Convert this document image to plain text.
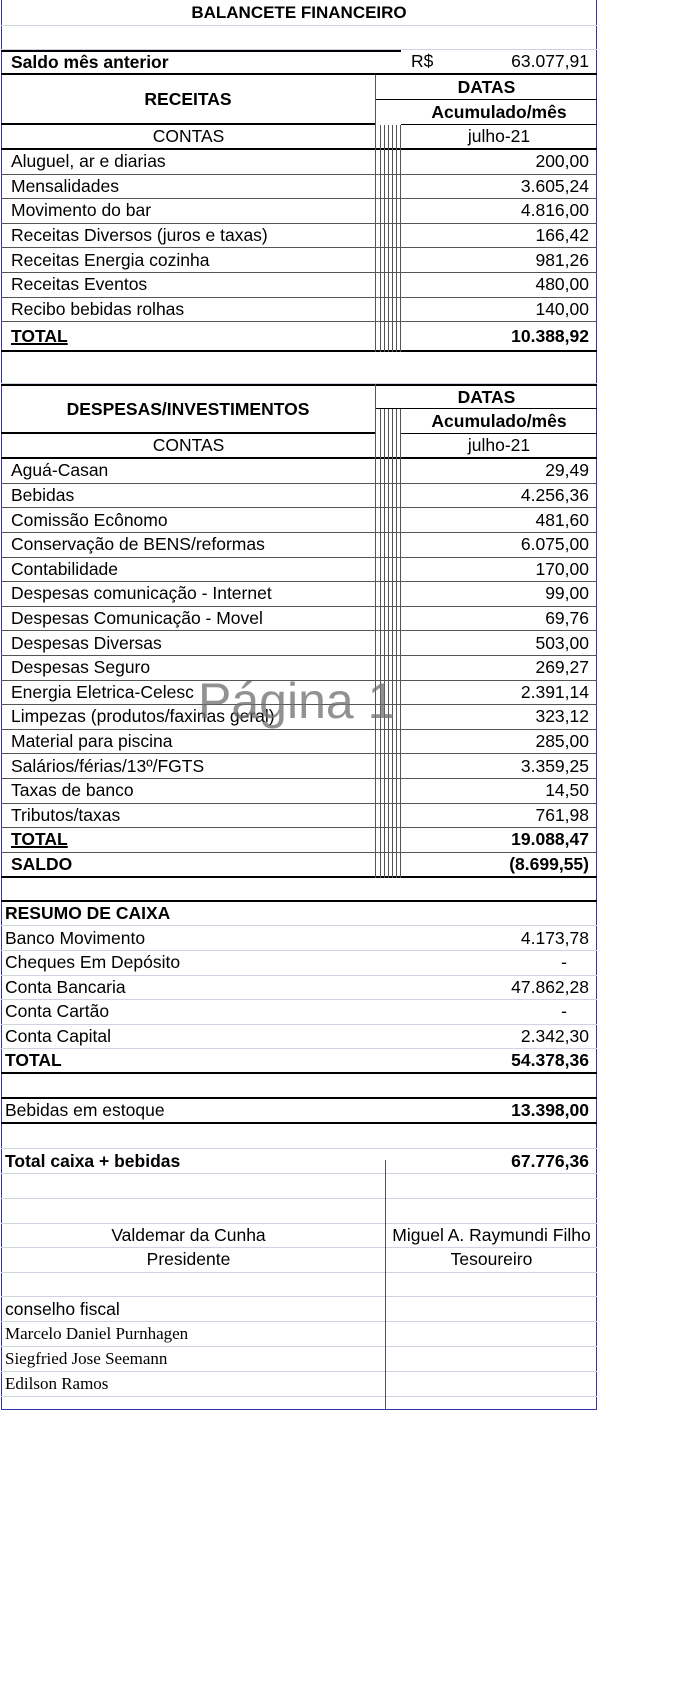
BALANCETE FINANCEIRO
Saldo mês anterior	R$	63.077,91
RECEITAS
DATAS
Acumulado/mês
CONTAS	julho-21
Aluguel, ar e diarias	200,00
Mensalidades	3.605,24
Movimento do bar	4.816,00
Receitas Diversos (juros e taxas)	166,42
Receitas Energia cozinha	981,26
Receitas Eventos	480,00
Recibo bebidas rolhas	140,00
TOTAL	10.388,92
DESPESAS/INVESTIMENTOS
DATAS
Acumulado/mês
CONTAS	julho-21
Aguá-Casan	29,49
Bebidas	4.256,36
Comissão Ecônomo	481,60
Conservação de BENS/reformas	6.075,00
Contabilidade	170,00
Despesas comunicação - Internet	99,00
Despesas Comunicação - Movel	69,76
Despesas Diversas	503,00
Despesas Seguro	269,27
Energia Eletrica-Celesc	2.391,14
Limpezas (produtos/faxinas geral)	323,12
Material para piscina	285,00
Salários/férias/13º/FGTS	3.359,25
Taxas de banco	14,50
Tributos/taxas	761,98
TOTAL	19.088,47
SALDO	(8.699,55)
RESUMO DE CAIXA
Banco Movimento	4.173,78
Cheques Em Depósito	-
Conta Bancaria	47.862,28
Conta Cartão	-
Conta Capital	2.342,30
TOTAL	54.378,36
Bebidas em estoque	13.398,00
Total caixa + bebidas	67.776,36
Valdemar da Cunha	Miguel A. Raymundi Filho
Presidente	Tesoureiro
conselho fiscal
Marcelo Daniel Purnhagen
Siegfried Jose Seemann
Edilson Ramos
Página 1
